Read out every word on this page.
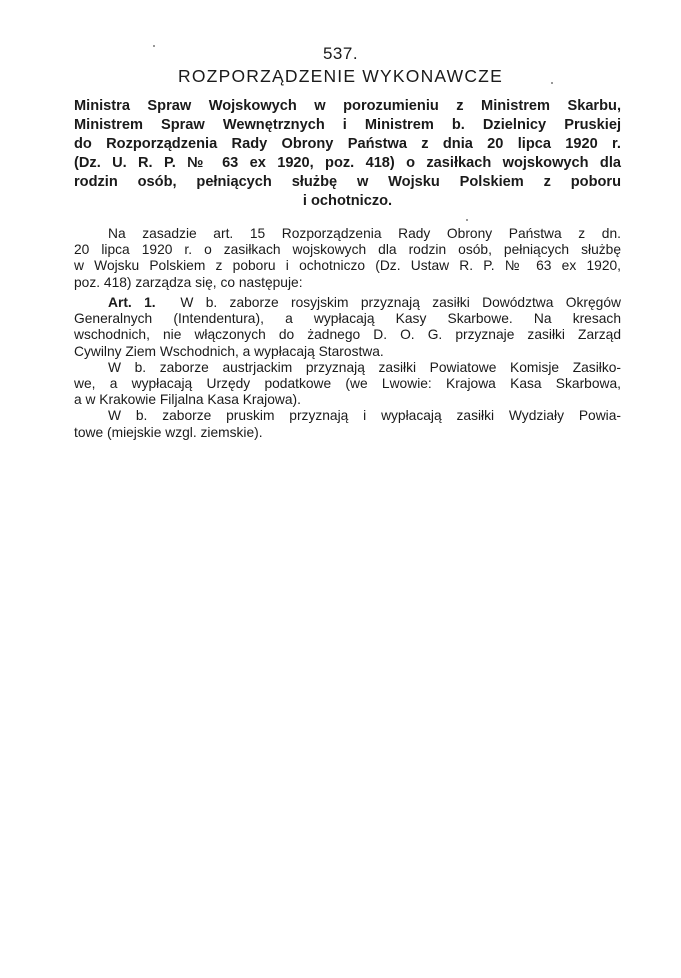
537.
ROZPORZĄDZENIE WYKONAWCZE
Ministra Spraw Wojskowych w porozumieniu z Ministrem Skarbu,
Ministrem Spraw Wewnętrznych i Ministrem b. Dzielnicy Pruskiej
do Rozporządzenia Rady Obrony Państwa z dnia 20 lipca 1920 r.
(Dz. U. R. P. № 63 ex 1920, poz. 418) o zasiłkach wojskowych dla
rodzin osób, pełniących służbę w Wojsku Polskiem z poboru
i ochotniczo.
Na zasadzie art. 15 Rozporządzenia Rady Obrony Państwa z dn.
20 lipca 1920 r. o zasiłkach wojskowych dla rodzin osób, pełniących służbę
w Wojsku Polskiem z poboru i ochotniczo (Dz. Ustaw R. P. № 63 ex 1920,
poz. 418) zarządza się, co następuje:
Art. 1. W b. zaborze rosyjskim przyznają zasiłki Dowództwa Okręgów
Generalnych (Intendentura), a wypłacają Kasy Skarbowe. Na kresach
wschodnich, nie włączonych do żadnego D. O. G. przyznaje zasiłki Zarząd
Cywilny Ziem Wschodnich, a wypłacają Starostwa.
W b. zaborze austrjackim przyznają zasiłki Powiatowe Komisje Zasiłko-
we, a wypłacają Urzędy podatkowe (we Lwowie: Krajowa Kasa Skarbowa,
a w Krakowie Filjalna Kasa Krajowa).
W b. zaborze pruskim przyznają i wypłacają zasiłki Wydziały Powia-
towe (miejskie wzgl. ziemskie).
